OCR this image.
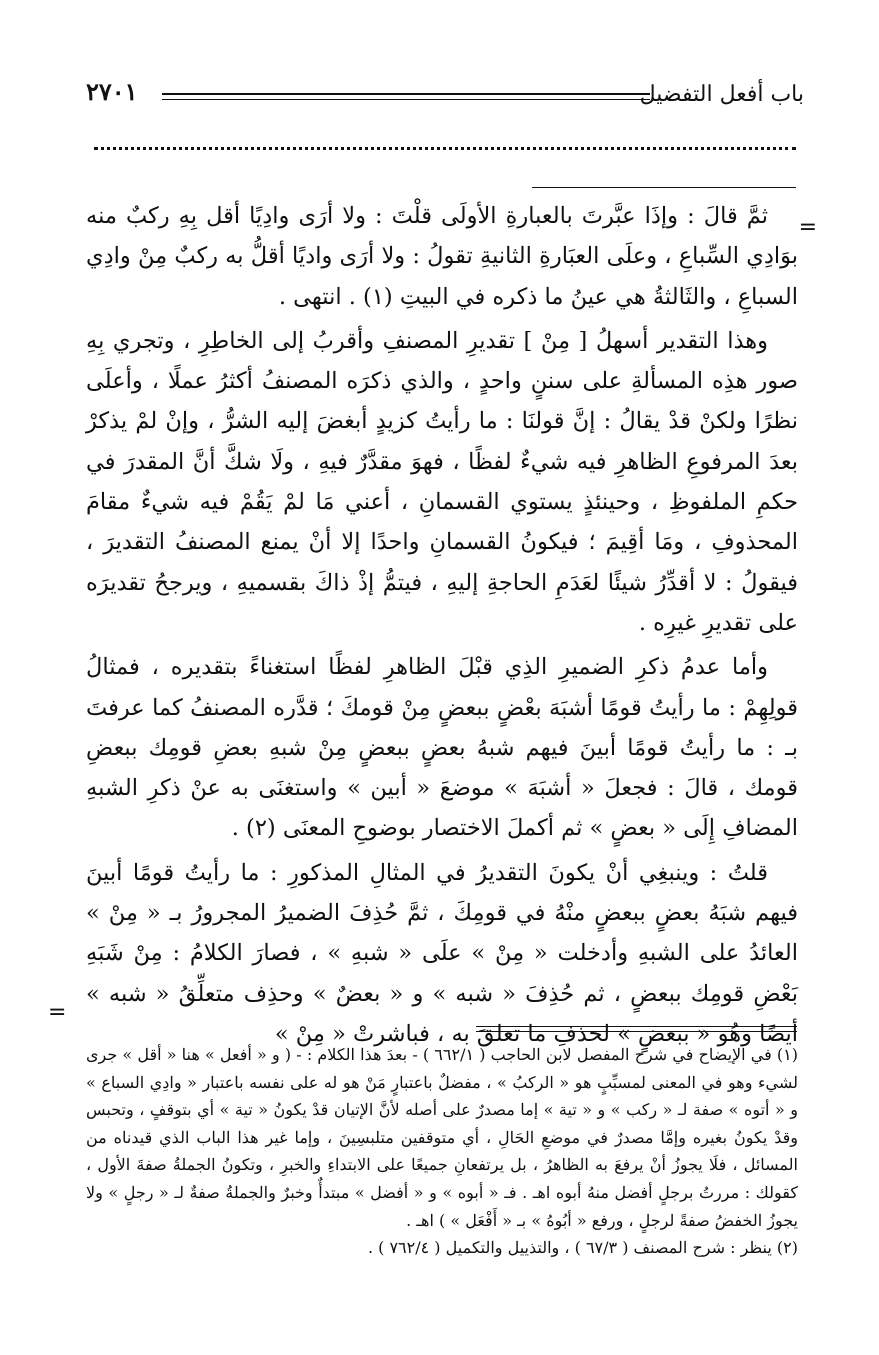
باب أفعل التفضيل
٢٧٠١
=

ثمَّ قالَ : وإذَا عبَّرتَ بالعبارةِ الأولَى قلْتَ : ولا أرَى وادِيًا أقل بِهِ ركبٌ منه بوَادِي السِّباعِ ، وعلَى العبَارةِ الثانيةِ تقولُ : ولا أرَى واديًا أقلُّ به ركبٌ مِنْ وادِي السباعِ ، والثَالثةُ هي عينُ ما ذكره في البيتِ (١) . انتهى .

وهذا التقدير أسهلُ [ مِنْ ] تقديرِ المصنفِ وأقربُ إلى الخاطِرِ ، وتجري بِهِ صور هذِه المسألةِ على سننٍ واحدٍ ، والذي ذكرَه المصنفُ أكثرُ عملًا ، وأعلَى نظرًا ولكنْ قدْ يقالُ : إنَّ قولنَا : ما رأيتُ كزيدٍ أبغضَ إليه الشرُّ ، وإنْ لمْ يذكرْ بعدَ المرفوعِ الظاهرِ فيه شيءٌ لفظًا ، فهوَ مقدَّرٌ فيهِ ، ولَا شكَّ أنَّ المقدرَ في حكمِ الملفوظِ ، وحينئذٍ يستوي القسمانِ ، أعني مَا لمْ يَقُمْ فيه شيءٌ مقامَ المحذوفِ ، ومَا أقِيمَ ؛ فيكونُ القسمانِ واحدًا إلا أنْ يمنع المصنفُ التقديرَ ، فيقولُ : لا أقدِّرُ شيئًا لعَدَمِ الحاجةِ إليهِ ، فيتمُّ إذْ ذاكَ بقسميهِ ، ويرجحُ تقديرَه على تقديرِ غيرِه .

وأما عدمُ ذكرِ الضميرِ الذِي قبْلَ الظاهرِ لفظًا استغناءً بتقديره ، فمثالُ قولِهِمْ : ما رأيتُ قومًا أشبَهَ بعْضٍ ببعضٍ مِنْ قومكَ ؛ قدَّره المصنفُ كما عرفتَ بـ : ما رأيتُ قومًا أبينَ فيهم شبهُ بعضٍ ببعضٍ مِنْ شبهِ بعضِ قومِك ببعضِ قومك ، قالَ : فجعلَ « أشبَهَ » موضعَ « أبين » واستغنَى به عنْ ذكرِ الشبهِ المضافِ إِلَى « بعضٍ » ثم أكملَ الاختصار بوضوحِ المعنَى (٢) .

قلتُ : وينبغِي أنْ يكونَ التقديرُ في المثالِ المذكورِ : ما رأيتُ قومًا أبينَ فيهم شبَهُ بعضٍ ببعضٍ منْهُ في قومِكَ ، ثمَّ حُذِفَ الضميرُ المجرورُ بـ « مِنْ » العائدُ على الشبهِ وأدخلت « مِنْ » علَى « شبهِ » ، فصارَ الكلامُ : مِنْ شَبَهِ بَعْضِ قومِك ببعضٍ ، ثم حُذِفَ « شبه » و « بعضٌ » وحذِف متعلِّقُ « شبه » أيضًا وهُو « ببعضٍ » لحذفِ ما تعلقَ به ، فباشرتْ « مِنْ »

=

(١) في الإيضاح في شرح المفصل لابن الحاجب ( ٦٦٢/١ ) - بعدَ هذا الكلام : - ( و « أفعل » هنا « أقل » جرى لشيء وهو في المعنى لمسبِّبٍ هو « الركبُ » ، مفضلٌ باعتبارٍ مَنْ هو له على نفسه باعتبار « وادِي السباع » و « أتوه » صفة لـ « ركب » و « تية » إما مصدرٌ على أصله لأنَّ الإتيان قدْ يكونُ « تية » أي بتوقفٍ ، وتحبس وقدْ يكونُ بغيره وإمَّا مصدرٌ في موضعِ الحَالِ ، أي متوقفين متلبسِينَ ، وإما غير هذا الباب الذي قيدناه من المسائل ، فلَا يجوزُ أنْ يرفعَ به الظاهرُ ، بل يرتفعانِ جميعًا على الابتداءِ والخبرِ ، وتكونُ الجملةُ صفةَ الأول ، كقولك : مررتُ برجلٍ أفضل منهُ أبوه اهـ . فـ « أبوه » و « أفضل » مبتدأٌ وخبرٌ والجملةُ صفةٌ لـ « رجلٍ » ولا يجوزُ الخفضُ صفةً لرجلٍ ، ورفع « أبُوهُ » بـ « أَفْعَل » ) اهـ .

(٢) ينظر : شرح المصنف ( ٦٧/٣ ) ، والتذييل والتكميل ( ٧٦٢/٤ ) .
